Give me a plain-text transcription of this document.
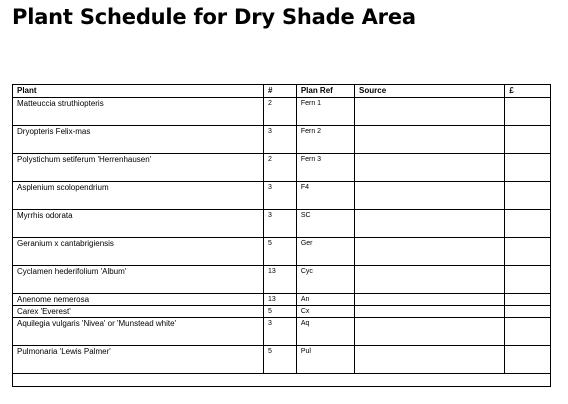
Plant Schedule for Dry Shade Area
Plant	#	Plan Ref	Source	£
Matteuccia struthiopteris	2	Fern 1		
Dryopteris Felix-mas	3	Fern 2		
Polystichum setiferum 'Herrenhausen'	2	Fern 3		
Asplenium scolopendrium	3	F4		
Myrrhis odorata	3	SC		
Geranium x cantabrigiensis	5	Ger		
Cyclamen hederifolium 'Album'	13	Cyc		
Anenome nemerosa	13	An		
Carex 'Everest'	5	Cx		
Aquilegia vulgaris 'Nivea' or 'Munstead white'	3	Aq		
Pulmonaria 'Lewis Palmer'	5	Pul		
